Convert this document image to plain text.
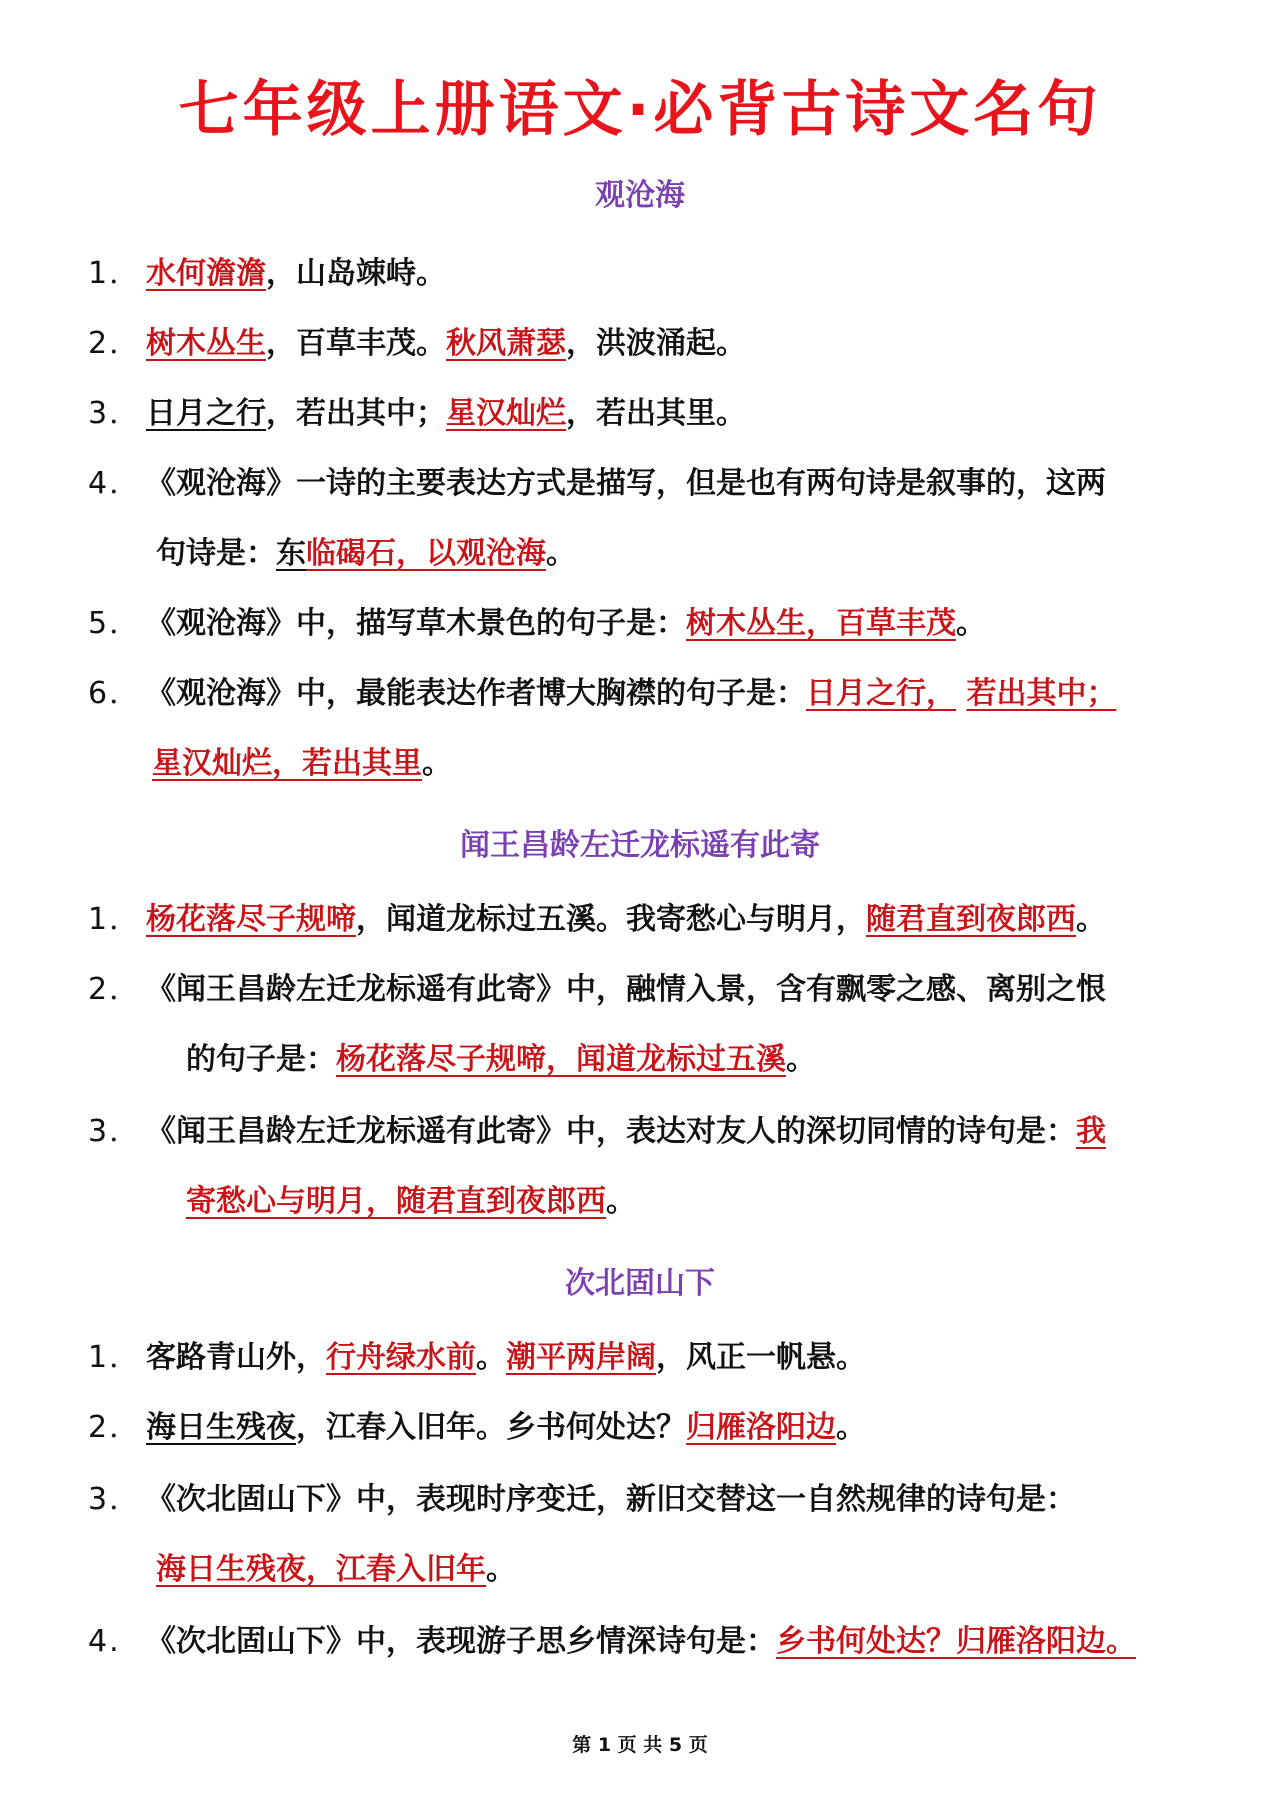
七年级上册语文·必背古诗文名句
观沧海
1． 水何澹澹，山岛竦峙。
2． 树木丛生，百草丰茂。秋风萧瑟，洪波涌起。
3． 日月之行，若出其中；星汉灿烂，若出其里。
4． 《观沧海》一诗的主要表达方式是描写，但是也有两句诗是叙事的，这两
句诗是：东临碣石，以观沧海。
5． 《观沧海》中，描写草木景色的句子是：树木丛生，百草丰茂。
6． 《观沧海》中，最能表达作者博大胸襟的句子是：日月之行， 若出其中；
星汉灿烂，若出其里。
闻王昌龄左迁龙标遥有此寄
1． 杨花落尽子规啼，闻道龙标过五溪。我寄愁心与明月，随君直到夜郎西。
2． 《闻王昌龄左迁龙标遥有此寄》中，融情入景，含有飘零之感、离别之恨
的句子是：杨花落尽子规啼，闻道龙标过五溪。
3． 《闻王昌龄左迁龙标遥有此寄》中，表达对友人的深切同情的诗句是：我
寄愁心与明月，随君直到夜郎西。
次北固山下
1． 客路青山外，行舟绿水前。潮平两岸阔，风正一帆悬。
2． 海日生残夜，江春入旧年。乡书何处达？归雁洛阳边。
3． 《次北固山下》中，表现时序变迁，新旧交替这一自然规律的诗句是：
海日生残夜，江春入旧年。
4. 《次北固山下》中，表现游子思乡情深诗句是：乡书何处达？归雁洛阳边。
第 1 页 共 5 页
